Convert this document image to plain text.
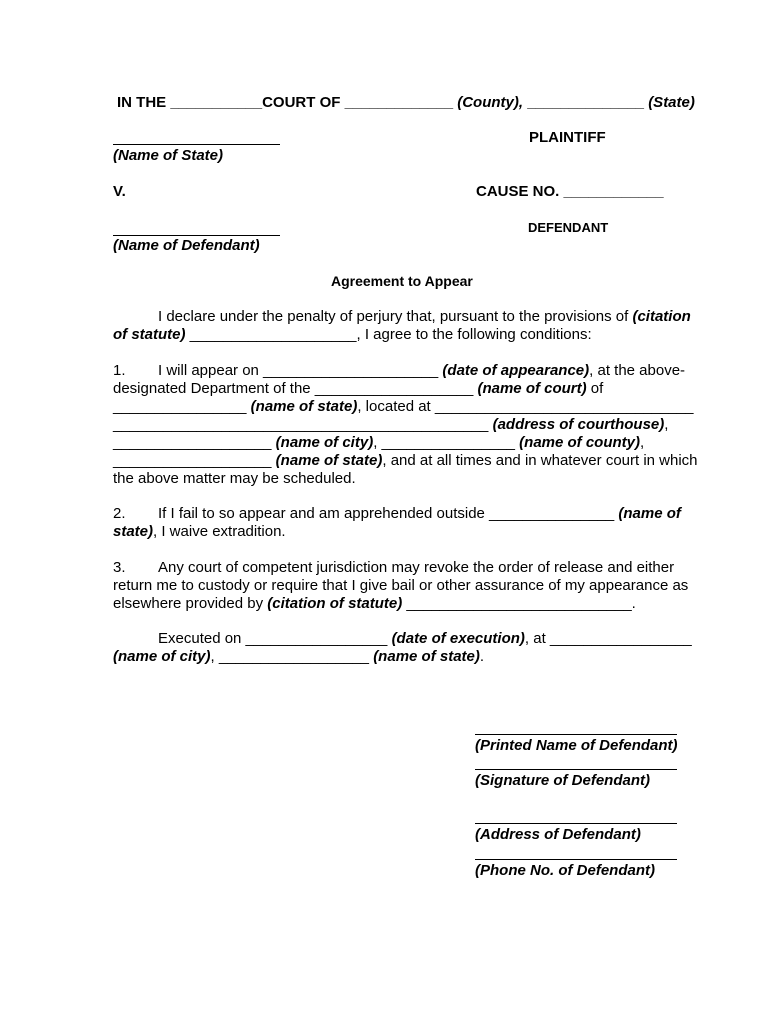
IN THE ___________COURT OF _____________ (County), ______________ (State)
(Name of State)
PLAINTIFF
V.	CAUSE NO. ____________
DEFENDANT
(Name of Defendant)
Agreement to Appear
I declare under the penalty of perjury that, pursuant to the provisions of (citation
of statute) ____________________, I agree to the following conditions:
1. I will appear on _____________________ (date of appearance), at the above-
designated Department of the ___________________ (name of court) of
________________ (name of state), located at _______________________________
_____________________________________________ (address of courthouse),
___________________ (name of city), ________________ (name of county),
___________________ (name of state), and at all times and in whatever court in which
the above matter may be scheduled.
2. If I fail to so appear and am apprehended outside _______________ (name of
state), I waive extradition.
3. Any court of competent jurisdiction may revoke the order of release and either
return me to custody or require that I give bail or other assurance of my appearance as
elsewhere provided by (citation of statute) ___________________________.
Executed on _________________ (date of execution), at _________________
(name of city), __________________ (name of state).
(Printed Name of Defendant)
(Signature of Defendant)
(Address of Defendant)
(Phone No. of Defendant)
